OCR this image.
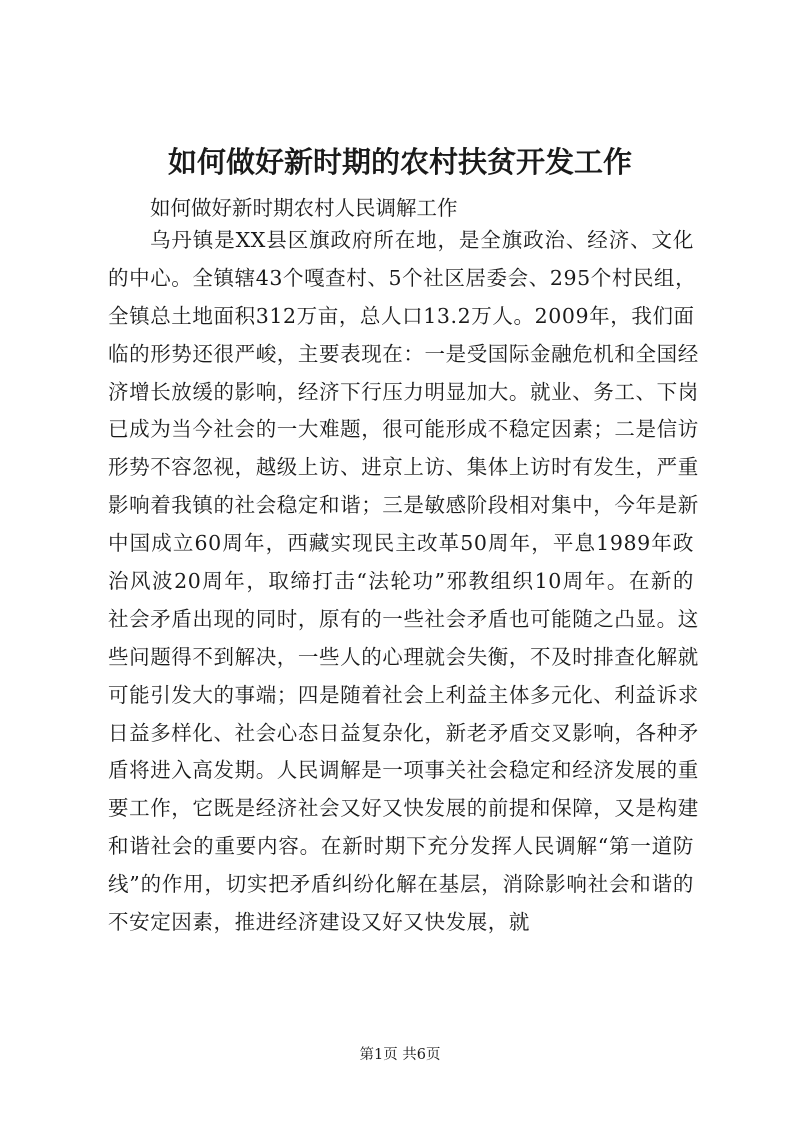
如何做好新时期的农村扶贫开发工作

如何做好新时期农村人民调解工作

乌丹镇是XX县区旗政府所在地，是全旗政治、经济、文化
的中心。全镇辖43个嘎查村、5个社区居委会、295个村民组，
全镇总土地面积312万亩，总人口13.2万人。2009年，我们面
临的形势还很严峻，主要表现在：一是受国际金融危机和全国经
济增长放缓的影响，经济下行压力明显加大。就业、务工、下岗
已成为当今社会的一大难题，很可能形成不稳定因素；二是信访
形势不容忽视，越级上访、进京上访、集体上访时有发生，严重
影响着我镇的社会稳定和谐；三是敏感阶段相对集中，今年是新
中国成立60周年，西藏实现民主改革50周年，平息1989年政
治风波20周年，取缔打击“法轮功”邪教组织10周年。在新的
社会矛盾出现的同时，原有的一些社会矛盾也可能随之凸显。这
些问题得不到解决，一些人的心理就会失衡，不及时排查化解就
可能引发大的事端；四是随着社会上利益主体多元化、利益诉求
日益多样化、社会心态日益复杂化，新老矛盾交叉影响，各种矛
盾将进入高发期。人民调解是一项事关社会稳定和经济发展的重
要工作，它既是经济社会又好又快发展的前提和保障，又是构建
和谐社会的重要内容。在新时期下充分发挥人民调解“第一道防
线”的作用，切实把矛盾纠纷化解在基层，消除影响社会和谐的
不安定因素，推进经济建设又好又快发展，就

第1页 共6页
